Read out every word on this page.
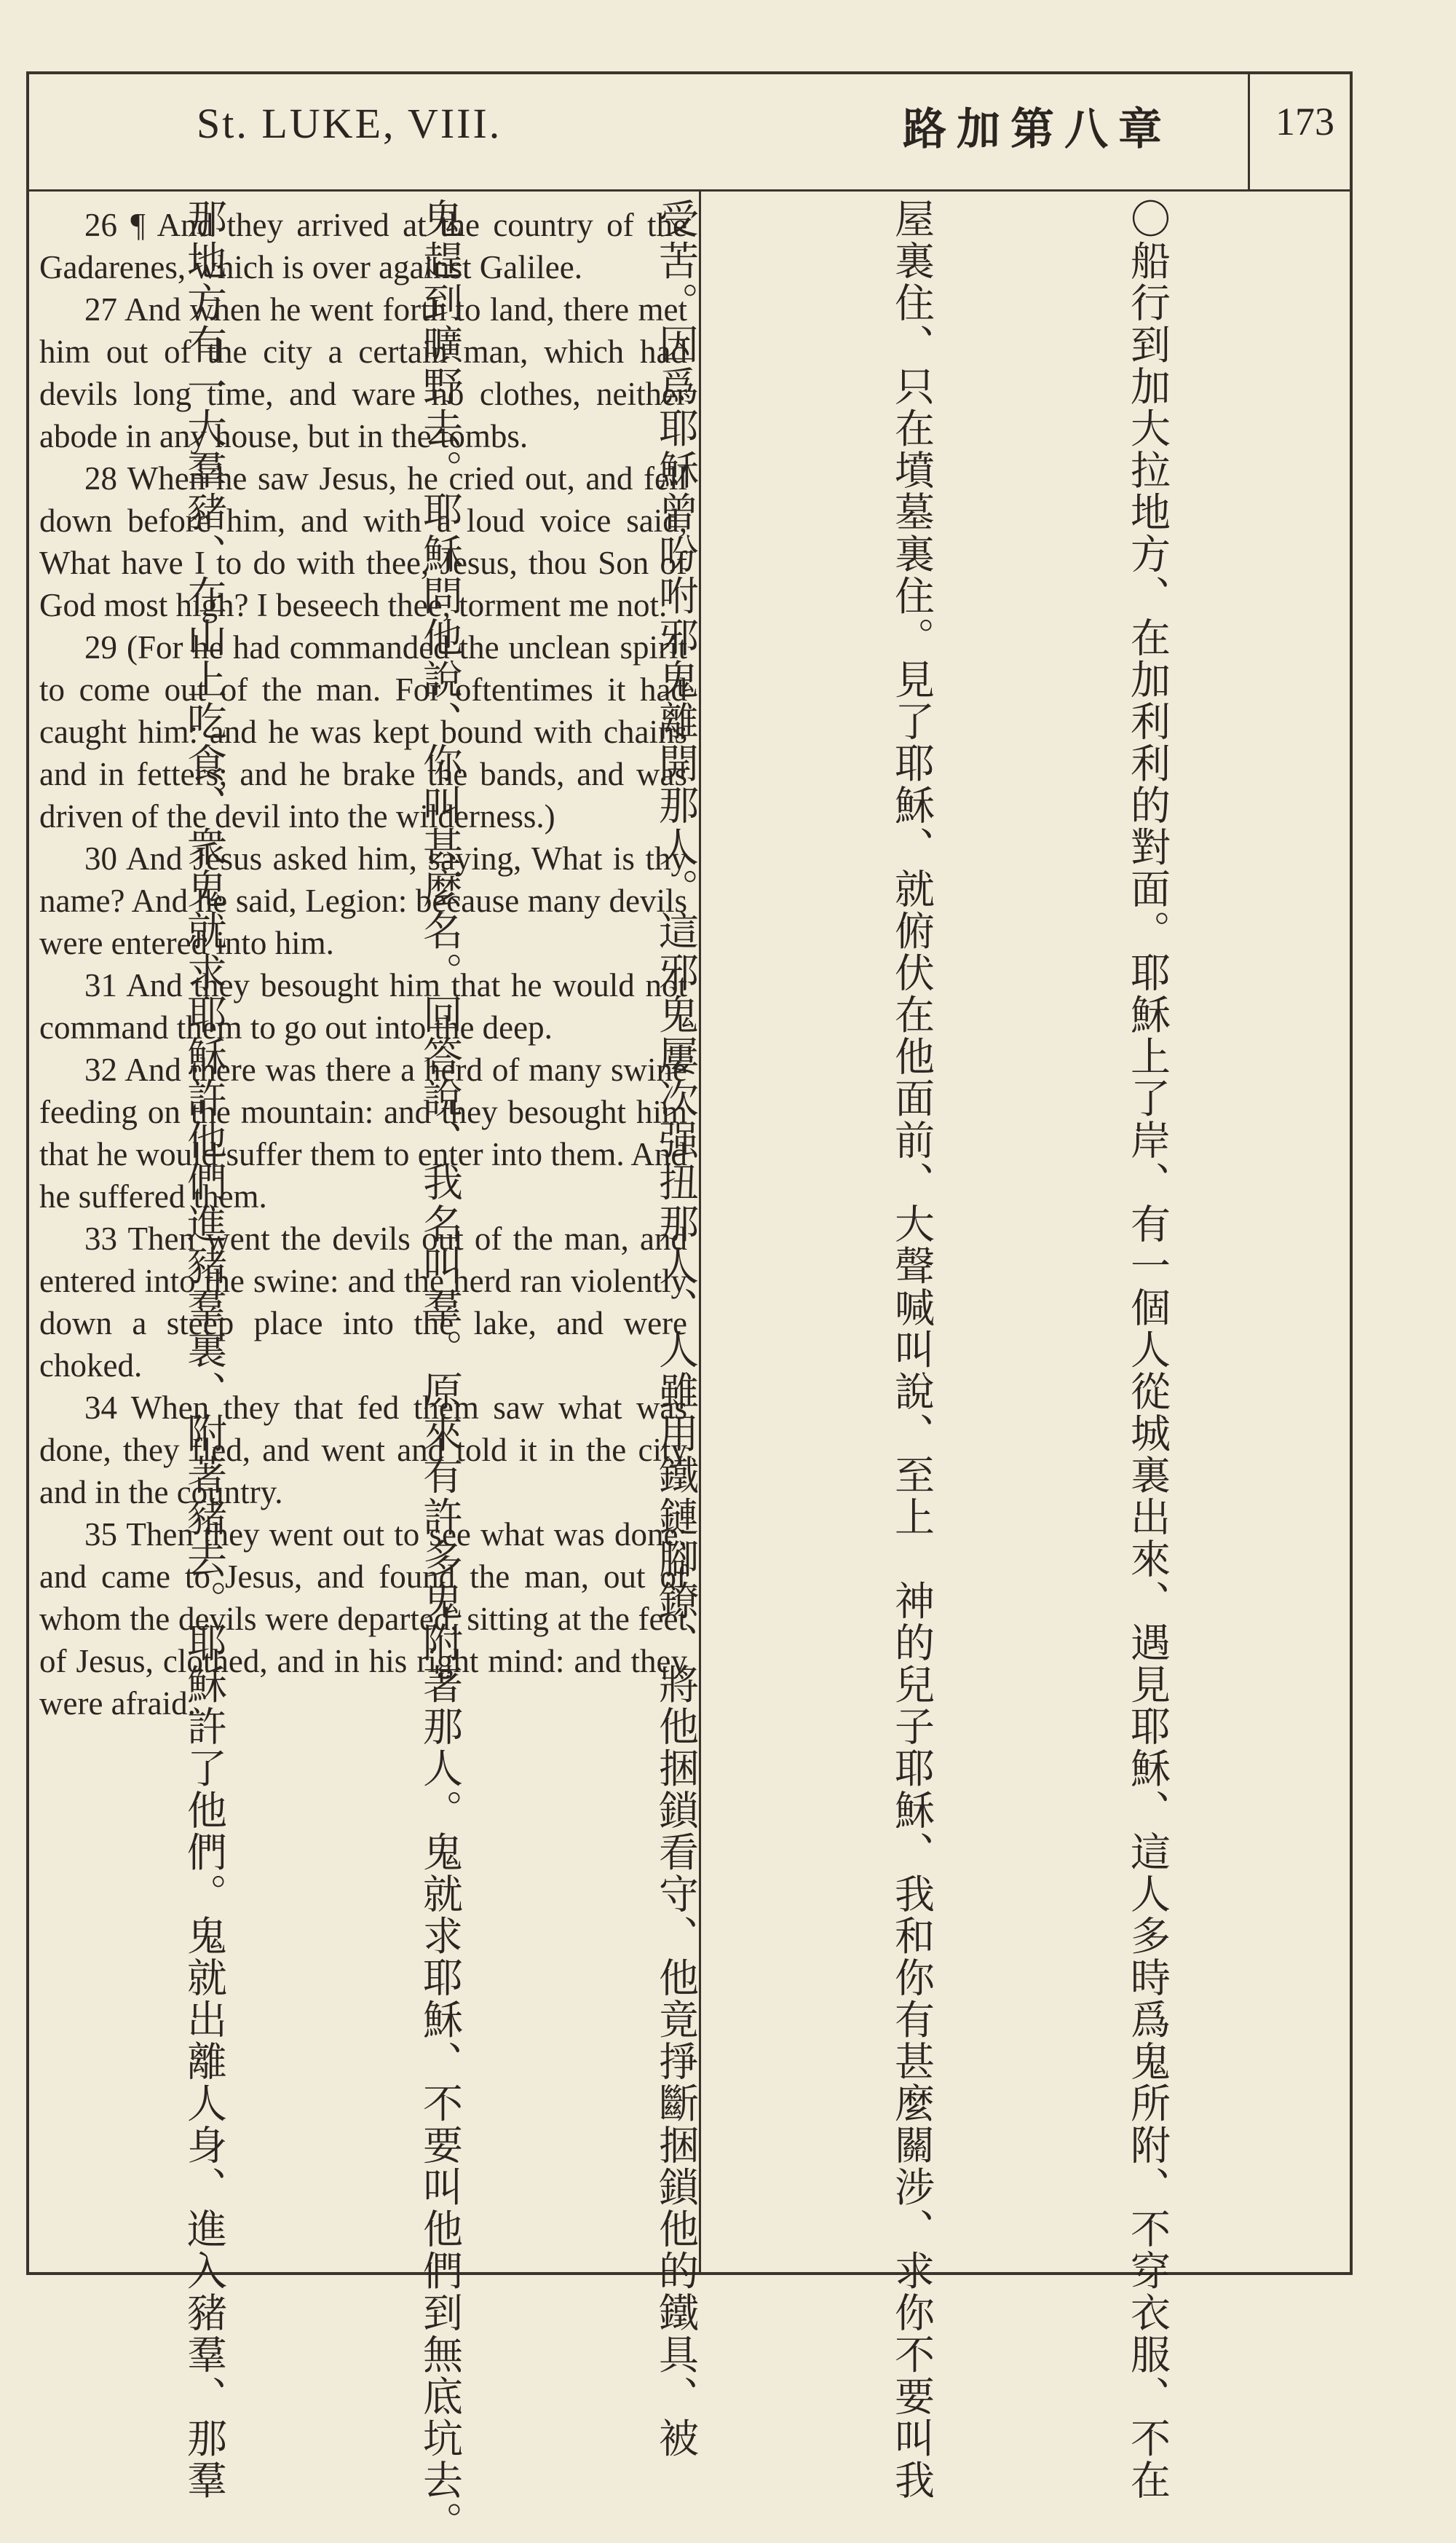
St. LUKE, VIII.	路加第八章	173

26 ¶ And they arrived at the country of the Gadarenes, which is over against Galilee.

27 And when he went forth to land, there met him out of the city a certain man, which had devils long time, and ware no clothes, neither abode in any house, but in the tombs.

28 When he saw Jesus, he cried out, and fell down before him, and with a loud voice said, What have I to do with thee, Jesus, thou Son of God most high? I beseech thee, torment me not.

29 (For he had commanded the unclean spirit to come out of the man. For oftentimes it had caught him: and he was kept bound with chains and in fetters; and he brake the bands, and was driven of the devil into the wilderness.)

30 And Jesus asked him, saying, What is thy name? And he said, Legion: because many devils were entered into him.

31 And they besought him that he would not command them to go out into the deep.

32 And there was there a herd of many swine feeding on the mountain: and they besought him that he would suffer them to enter into them. And he suffered them.

33 Then went the devils out of the man, and entered into the swine: and the herd ran violently down a steep place into the lake, and were choked.

34 When they that fed them saw what was done, they fled, and went and told it in the city and in the country.

35 Then they went out to see what was done; and came to Jesus, and found the man, out of whom the devils were departed, sitting at the feet of Jesus, clothed, and in his right mind: and they were afraid.

	〇船行到加大拉地方、在加利利的對面。耶穌上了岸、有一個人從城裏出來、遇見耶穌、這人多時爲鬼所附、不穿衣服、不在

屋裏住、只在墳墓裏住。見了耶穌、就俯伏在他面前、大聲喊叫說、至上　神的兒子耶穌、我和你有甚麼關涉、求你不要叫我

受苦。因爲耶穌曾吩咐邪鬼離開那人。這邪鬼屢次强扭那人、人雖用鐵鏈腳鐐、將他捆鎖看守、他竟掙斷捆鎖他的鐵具、被

鬼趕到曠野去。耶穌問他說、你叫甚麼名。回答說、我名叫羣。原來有許多鬼附著那人。鬼就求耶穌、不要叫他們到無底坑去。

那地方有一大羣豬、在山上吃食、衆鬼就求耶穌許他們進豬羣裏、附著豬去。耶穌許了他們。鬼就出離人身、進入豬羣、那羣
